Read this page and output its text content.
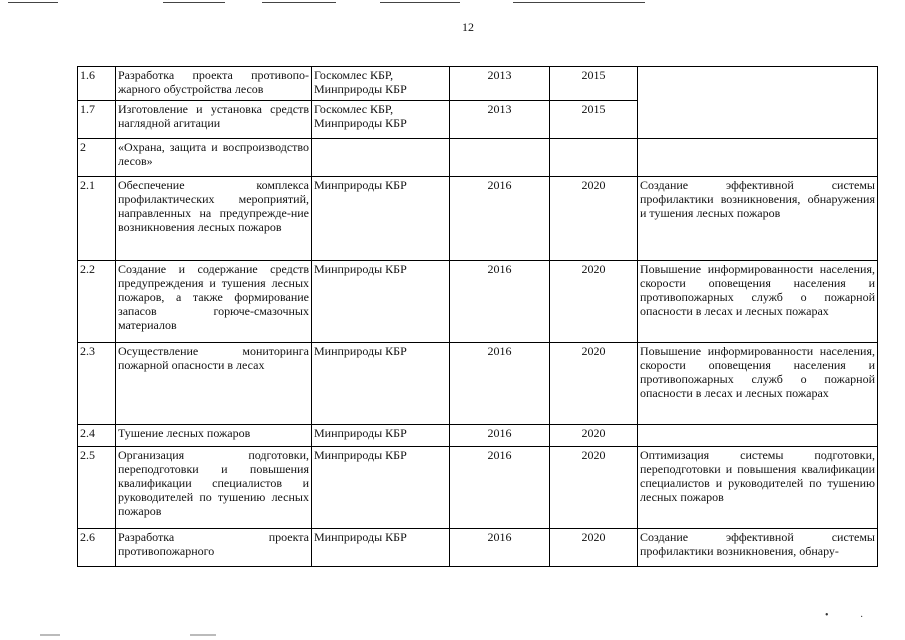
12
1.6	Разработка проекта противопо-жарного обустройства лесов	Госкомлес КБР, Минприроды КБР	2013	2015	
1.7	Изготовление и установка средств наглядной агитации	Госкомлес КБР, Минприроды КБР	2013	2015	
2	«Охрана, защита и воспроизводство лесов»				
2.1	Обеспечение комплекса профилактических мероприятий, направленных на предупрежде-ние возникновения лесных пожаров	Минприроды КБР	2016	2020	Создание эффективной системы профилактики возникновения, обнаружения и тушения лесных пожаров
2.2	Создание и содержание средств предупреждения и тушения лесных пожаров, а также формирование запасов горюче-смазочных материалов	Минприроды КБР	2016	2020	Повышение информированности населения, скорости оповещения населения и противопожарных служб о пожарной опасности в лесах и лесных пожарах
2.3	Осуществление мониторинга пожарной опасности в лесах	Минприроды КБР	2016	2020	Повышение информированности населения, скорости оповещения населения и противопожарных служб о пожарной опасности в лесах и лесных пожарах
2.4	Тушение лесных пожаров	Минприроды КБР	2016	2020	
2.5	Организация подготовки, переподготовки и повышения квалификации специалистов и руководителей по тушению лесных пожаров	Минприроды КБР	2016	2020	Оптимизация системы подготовки, переподготовки и повышения квалификации специалистов и руководителей по тушению лесных пожаров
2.6	Разработка проекта противопожарного	Минприроды КБР	2016	2020	Создание эффективной системы профилактики возникновения, обнару-
•	·
